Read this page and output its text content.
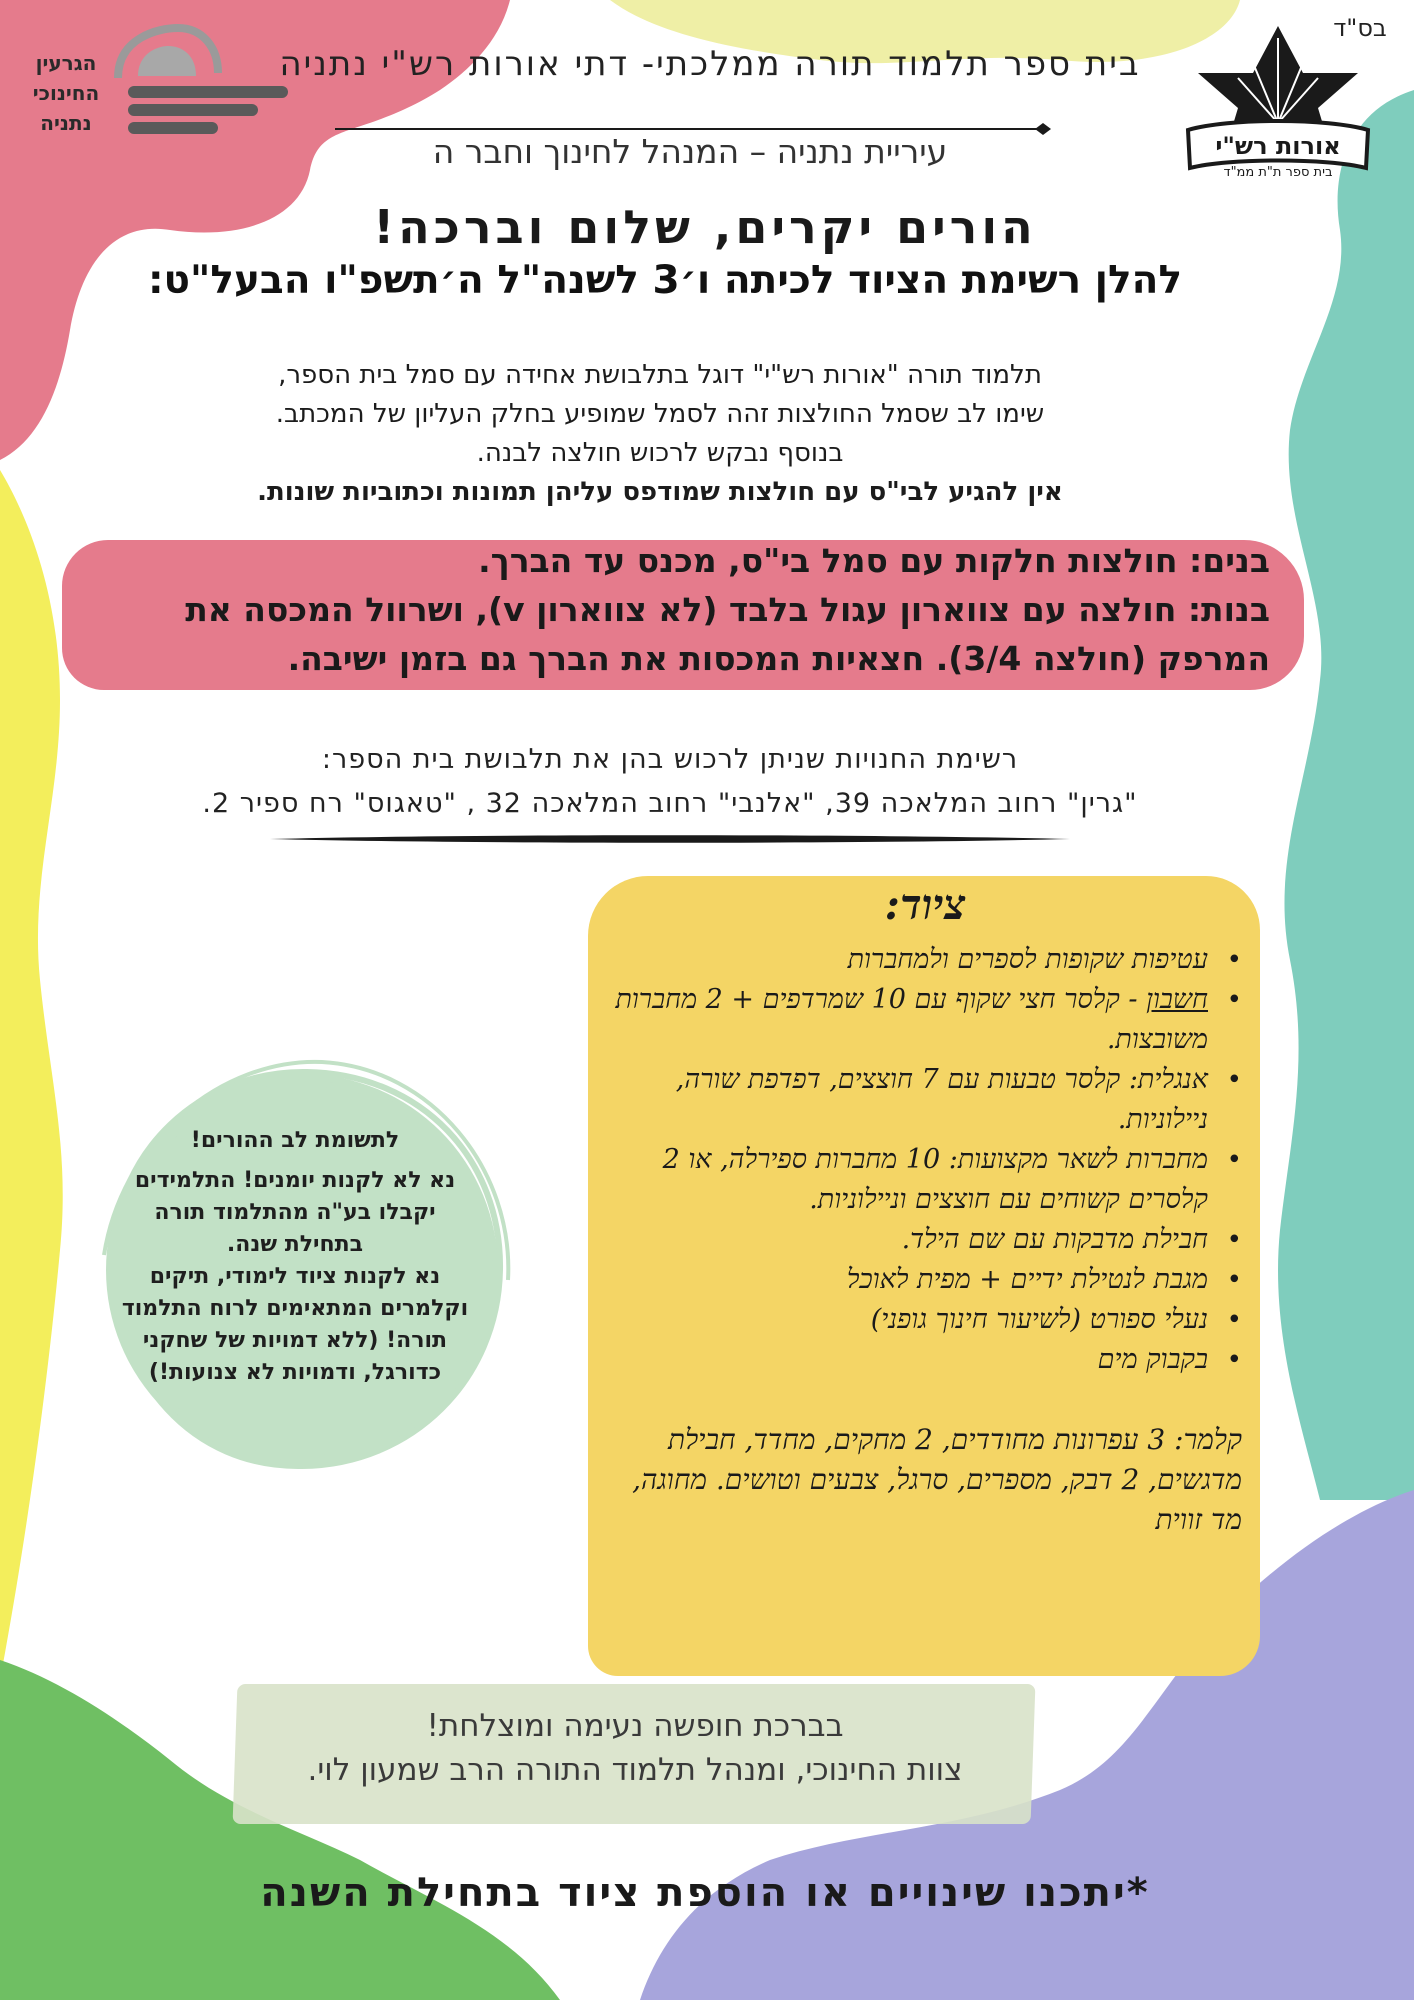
בס"ד
אורות רש"י
בית ספר ת"ת ממ"ד
הגרעין
החינוכי
נתניה
בית ספר תלמוד תורה ממלכתי- דתי אורות רש"י נתניה
עיריית נתניה – המנהל לחינוך וחבר ה
הורים יקרים, שלום וברכה!
להלן רשימת הציוד לכיתה ו׳3 לשנה"ל ה׳תשפ"ו הבעל"ט:
תלמוד תורה "אורות רש"י" דוגל בתלבושת אחידה עם סמל בית הספר,
שימו לב שסמל החולצות זהה לסמל שמופיע בחלק העליון של המכתב.
בנוסף נבקש לרכוש חולצה לבנה.
אין להגיע לבי"ס עם חולצות שמודפס עליהן תמונות וכתוביות שונות.
בנים: חולצות חלקות עם סמל בי"ס, מכנס עד הברך.
בנות: חולצה עם צווארון עגול בלבד (לא צווארון v), ושרוול המכסה את המרפק (חולצה 3/4). חצאיות המכסות את הברך גם בזמן ישיבה.
רשימת החנויות שניתן לרכוש בהן את תלבושת בית הספר:
"גרין" רחוב המלאכה 39, "אלנבי" רחוב המלאכה 32 , "טאגוס" רח ספיר 2.
ציוד:
• עטיפות שקופות לספרים ולמחברות
• חשבון - קלסר חצי שקוף עם 10 שמרדפים + 2 מחברות משובצות.
• אנגלית: קלסר טבעות עם 7 חוצצים, דפדפת שורה, ניילוניות.
• מחברות לשאר מקצועות: 10 מחברות ספירלה, או 2 קלסרים קשוחים עם חוצצים וניילוניות.
• חבילת מדבקות עם שם הילד.
• מגבת לנטילת ידיים + מפית לאוכל
• נעלי ספורט (לשיעור חינוך גופני)
• בקבוק מים
קלמר: 3 עפרונות מחודדים, 2 מחקים, מחדד, חבילת מדגשים, 2 דבק, מספרים, סרגל, צבעים וטושים. מחוגה, מד זווית
לתשומת לב ההורים!
נא לא לקנות יומנים! התלמידים יקבלו בע"ה מהתלמוד תורה בתחילת שנה.
נא לקנות ציוד לימודי, תיקים וקלמרים המתאימים לרוח התלמוד תורה! (ללא דמויות של שחקני כדורגל, ודמויות לא צנועות!)
בברכת חופשה נעימה ומוצלחת!
צוות החינוכי, ומנהל תלמוד התורה הרב שמעון לוי.
*יתכנו שינויים או הוספת ציוד בתחילת השנה
